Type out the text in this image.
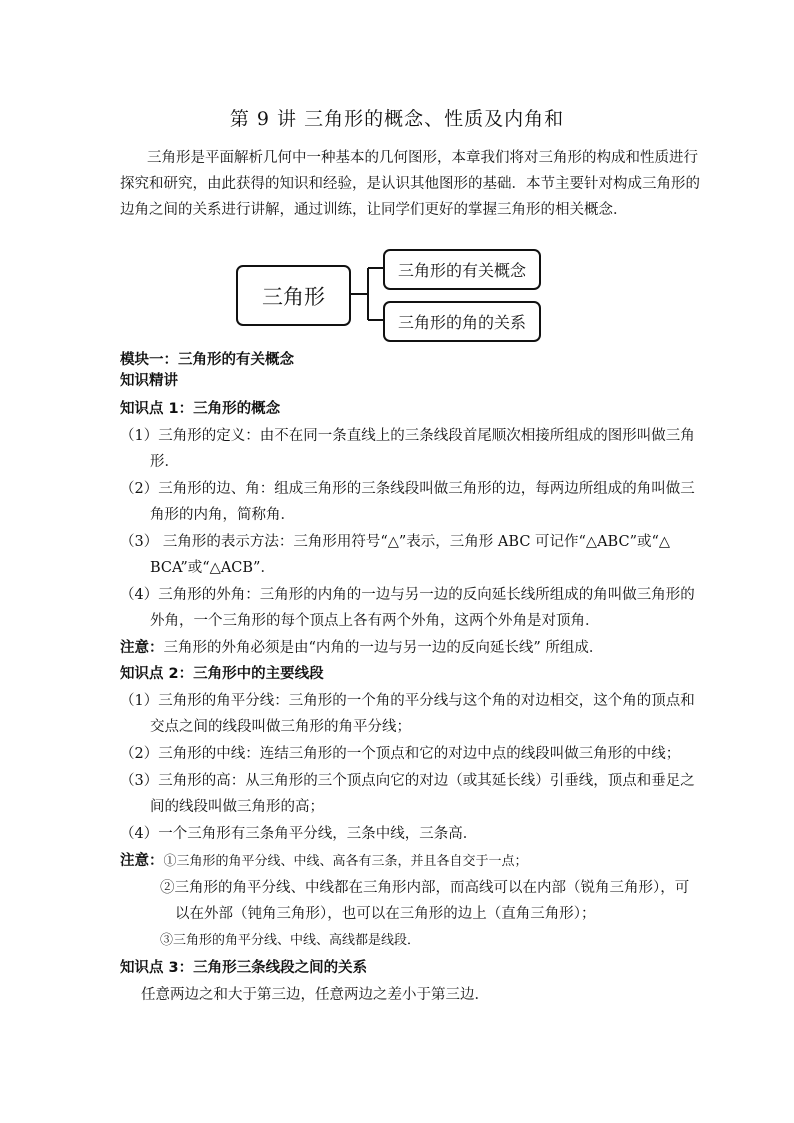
第 9 讲 三角形的概念、性质及内角和
三角形是平面解析几何中一种基本的几何图形，本章我们将对三角形的构成和性质进行
探究和研究，由此获得的知识和经验，是认识其他图形的基础．本节主要针对构成三角形的
边角之间的关系进行讲解，通过训练，让同学们更好的掌握三角形的相关概念．
三角形
三角形的有关概念
三角形的角的关系
模块一：三角形的有关概念
知识精讲
知识点 1：三角形的概念
（1）三角形的定义：由不在同一条直线上的三条线段首尾顺次相接所组成的图形叫做三角
形．
（2）三角形的边、角：组成三角形的三条线段叫做三角形的边，每两边所组成的角叫做三
角形的内角，简称角．
（3） 三角形的表示方法：三角形用符号“△”表示，三角形 ABC 可记作“△ABC”或“△
BCA”或“△ACB”．
（4）三角形的外角：三角形的内角的一边与另一边的反向延长线所组成的角叫做三角形的
外角，一个三角形的每个顶点上各有两个外角，这两个外角是对顶角．
注意：三角形的外角必须是由“内角的一边与另一边的反向延长线” 所组成．
知识点 2：三角形中的主要线段
（1）三角形的角平分线：三角形的一个角的平分线与这个角的对边相交，这个角的顶点和
交点之间的线段叫做三角形的角平分线；
（2）三角形的中线：连结三角形的一个顶点和它的对边中点的线段叫做三角形的中线；
（3）三角形的高：从三角形的三个顶点向它的对边（或其延长线）引垂线，顶点和垂足之
间的线段叫做三角形的高；
（4）一个三角形有三条角平分线，三条中线，三条高．
注意：①三角形的角平分线、中线、高各有三条，并且各自交于一点；
②三角形的角平分线、中线都在三角形内部，而高线可以在内部（锐角三角形），可
以在外部（钝角三角形），也可以在三角形的边上（直角三角形）；
③三角形的角平分线、中线、高线都是线段．
知识点 3：三角形三条线段之间的关系
任意两边之和大于第三边，任意两边之差小于第三边．
